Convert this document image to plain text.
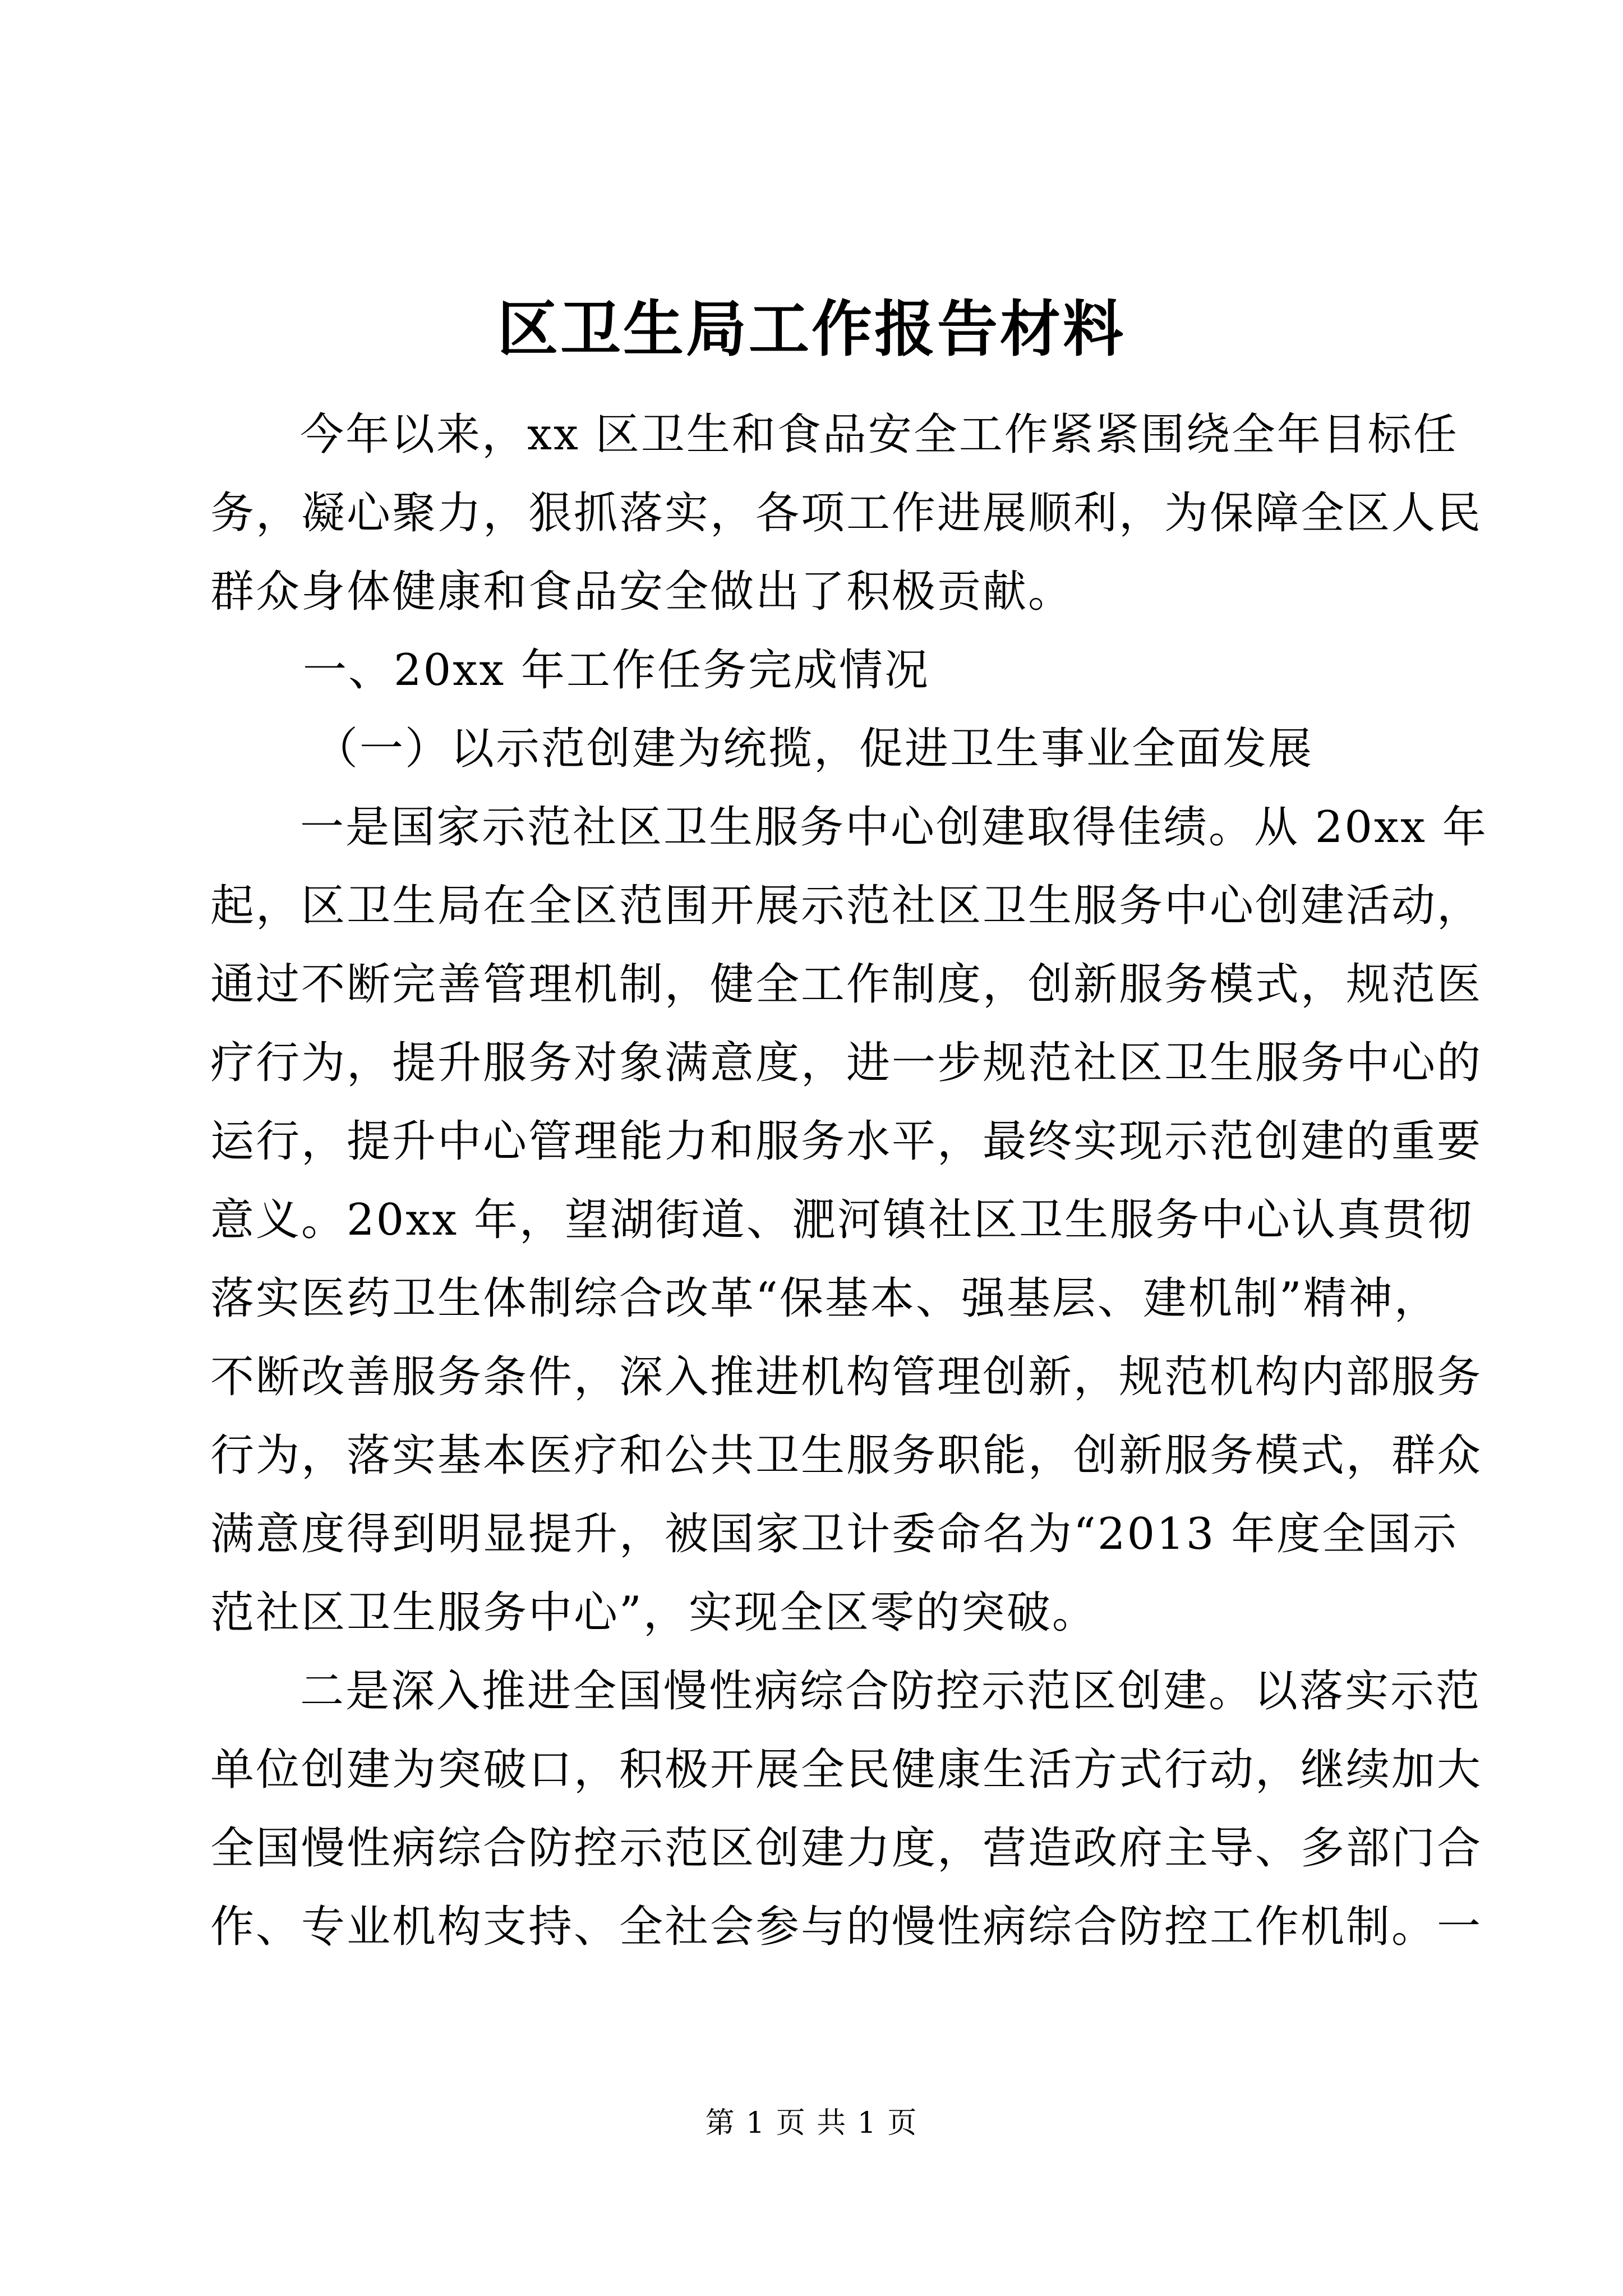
区卫生局工作报告材料
今年以来，xx 区卫生和食品安全工作紧紧围绕全年目标任
务，凝心聚力，狠抓落实，各项工作进展顺利，为保障全区人民
群众身体健康和食品安全做出了积极贡献。
一、20xx 年工作任务完成情况
（一）以示范创建为统揽，促进卫生事业全面发展
一是国家示范社区卫生服务中心创建取得佳绩。从 20xx 年
起，区卫生局在全区范围开展示范社区卫生服务中心创建活动，
通过不断完善管理机制，健全工作制度，创新服务模式，规范医
疗行为，提升服务对象满意度，进一步规范社区卫生服务中心的
运行，提升中心管理能力和服务水平，最终实现示范创建的重要
意义。20xx 年，望湖街道、淝河镇社区卫生服务中心认真贯彻
落实医药卫生体制综合改革“保基本、强基层、建机制”精神，
不断改善服务条件，深入推进机构管理创新，规范机构内部服务
行为，落实基本医疗和公共卫生服务职能，创新服务模式，群众
满意度得到明显提升，被国家卫计委命名为“2013 年度全国示
范社区卫生服务中心”，实现全区零的突破。
二是深入推进全国慢性病综合防控示范区创建。以落实示范
单位创建为突破口，积极开展全民健康生活方式行动，继续加大
全国慢性病综合防控示范区创建力度，营造政府主导、多部门合
作、专业机构支持、全社会参与的慢性病综合防控工作机制。一
第 1 页 共 1 页
